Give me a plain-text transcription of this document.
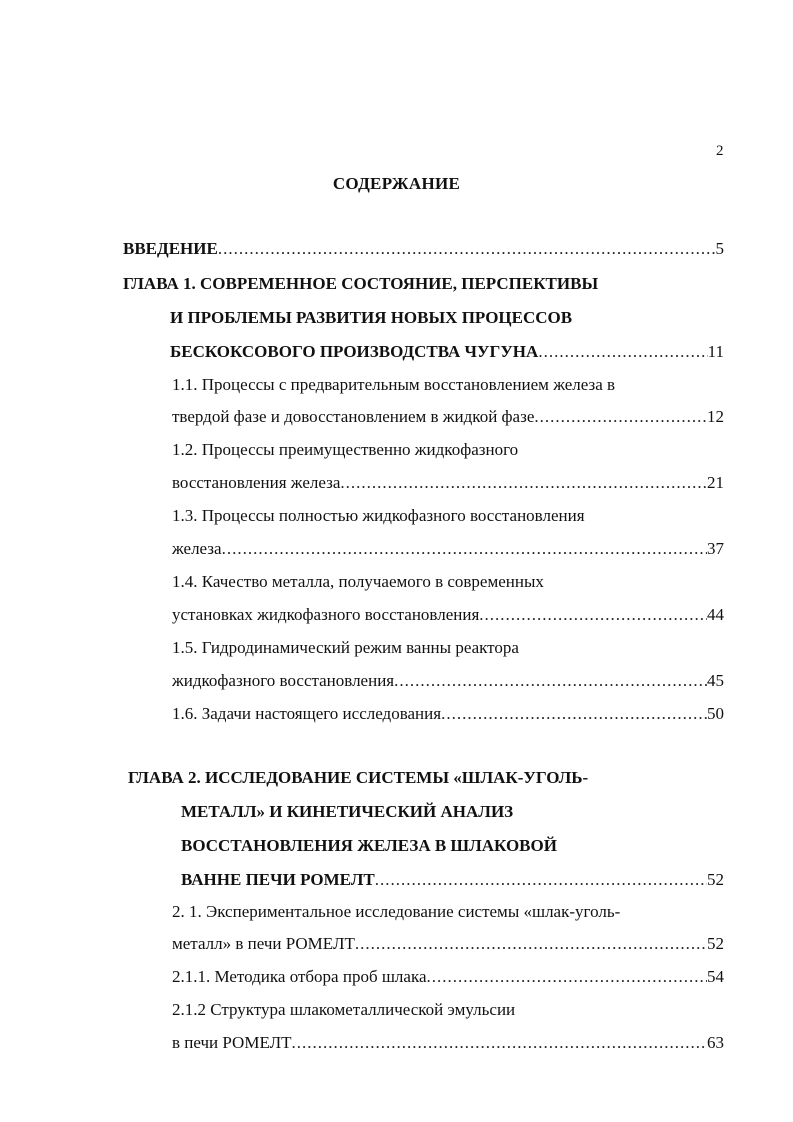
2
СОДЕРЖАНИЕ
ВВЕДЕНИЕ .....	5
ГЛАВА 1. СОВРЕМЕННОЕ СОСТОЯНИЕ, ПЕРСПЕКТИВЫ
И ПРОБЛЕМЫ РАЗВИТИЯ НОВЫХ ПРОЦЕССОВ
БЕСКОКСОВОГО ПРОИЗВОДСТВА ЧУГУНА .....	11
1.1. Процессы с предварительным восстановлением железа в
твердой фазе и довосстановлением в жидкой фазе .....	12
1.2. Процессы преимущественно жидкофазного
восстановления железа .....	21
1.3. Процессы полностью жидкофазного восстановления
железа .....	37
1.4. Качество металла, получаемого в современных
установках жидкофазного восстановления .....	44
1.5. Гидродинамический режим ванны реактора
жидкофазного восстановления .....	45
1.6. Задачи настоящего исследования .....	50
ГЛАВА 2. ИССЛЕДОВАНИЕ СИСТЕМЫ «ШЛАК-УГОЛЬ-
МЕТАЛЛ» И КИНЕТИЧЕСКИЙ АНАЛИЗ
ВОССТАНОВЛЕНИЯ ЖЕЛЕЗА В ШЛАКОВОЙ
ВАННЕ ПЕЧИ РОМЕЛТ .....	52
2. 1. Экспериментальное исследование системы «шлак-уголь-
металл» в печи РОМЕЛТ .....	52
2.1.1. Методика отбора проб шлака .....	54
2.1.2 Структура шлакометаллической эмульсии
в печи РОМЕЛТ .....	63
